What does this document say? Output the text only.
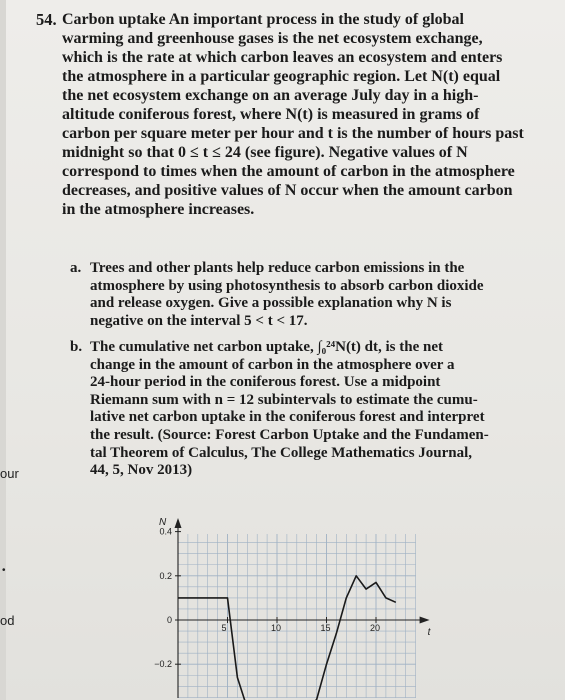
our
•
od
54. Carbon uptake An important process in the study of global
warming and greenhouse gases is the net ecosystem exchange,
which is the rate at which carbon leaves an ecosystem and enters
the atmosphere in a particular geographic region. Let N(t) equal
the net ecosystem exchange on an average July day in a high-
altitude coniferous forest, where N(t) is measured in grams of
carbon per square meter per hour and t is the number of hours past
midnight so that 0 ≤ t ≤ 24 (see figure). Negative values of N
correspond to times when the amount of carbon in the atmosphere
decreases, and positive values of N occur when the amount carbon
in the atmosphere increases.
a. Trees and other plants help reduce carbon emissions in the
atmosphere by using photosynthesis to absorb carbon dioxide
and release oxygen. Give a possible explanation why N is
negative on the interval 5 < t < 17.
b. The cumulative net carbon uptake, ∫₀²⁴N(t) dt, is the net
change in the amount of carbon in the atmosphere over a
24-hour period in the coniferous forest. Use a midpoint
Riemann sum with n = 12 subintervals to estimate the cumu-
lative net carbon uptake in the coniferous forest and interpret
the result. (Source: Forest Carbon Uptake and the Fundamen-
tal Theorem of Calculus, The College Mathematics Journal,
44, 5, Nov 2013)
N
t
5	10	15	20
0.4
0.2
0
−0.2
